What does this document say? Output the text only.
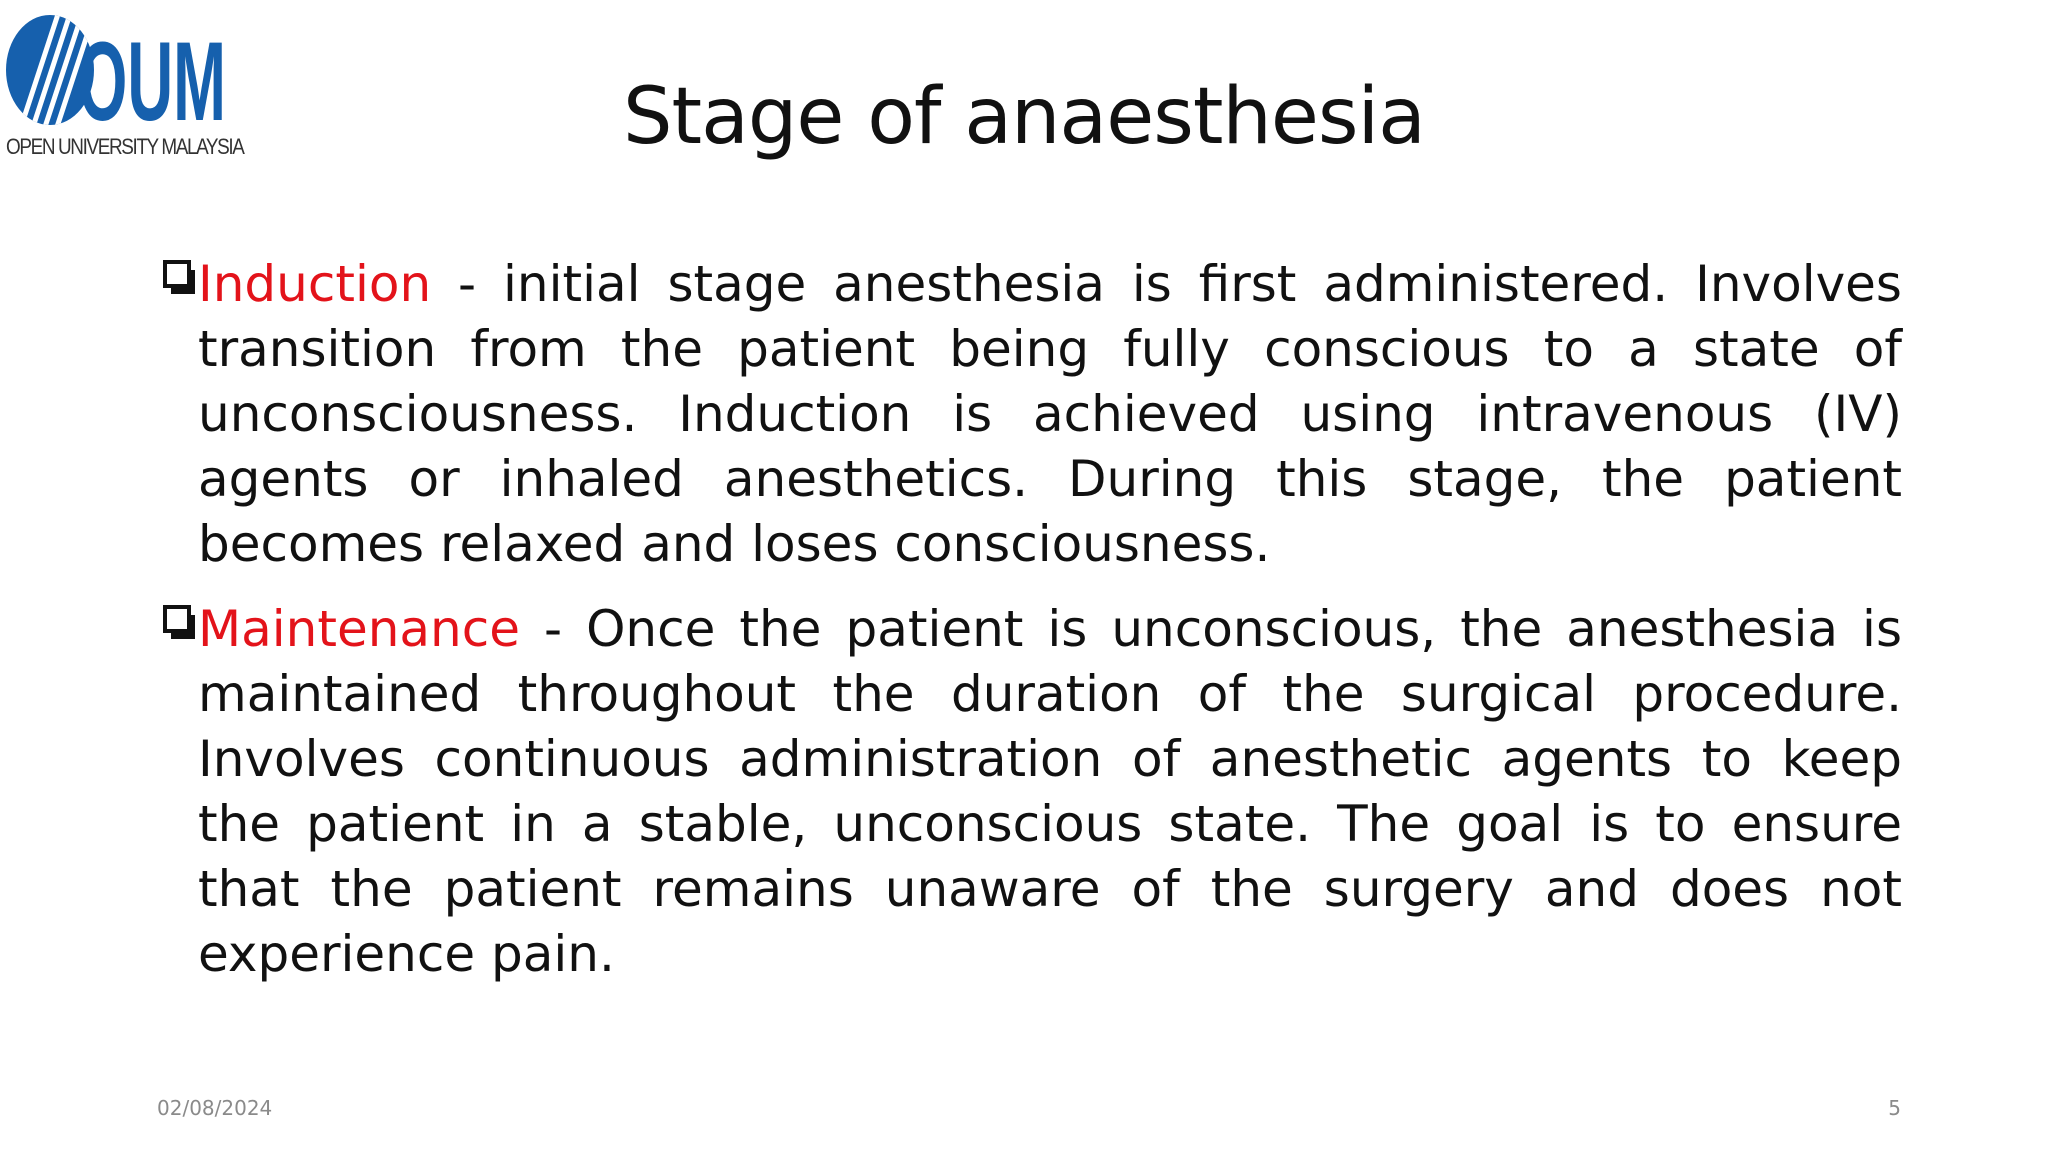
OUM
OPEN UNIVERSITY MALAYSIA	Stage of anaesthesia

Induction - initial stage anesthesia is first administered. Involves transition from the patient being fully conscious to a state of unconsciousness. Induction is achieved using intravenous (IV) agents or inhaled anesthetics. During this stage, the patient becomes relaxed and loses consciousness.

Maintenance - Once the patient is unconscious, the anesthesia is maintained throughout the duration of the surgical procedure. Involves continuous administration of anesthetic agents to keep the patient in a stable, unconscious state. The goal is to ensure that the patient remains unaware of the surgery and does not experience pain.

02/08/2024	5
